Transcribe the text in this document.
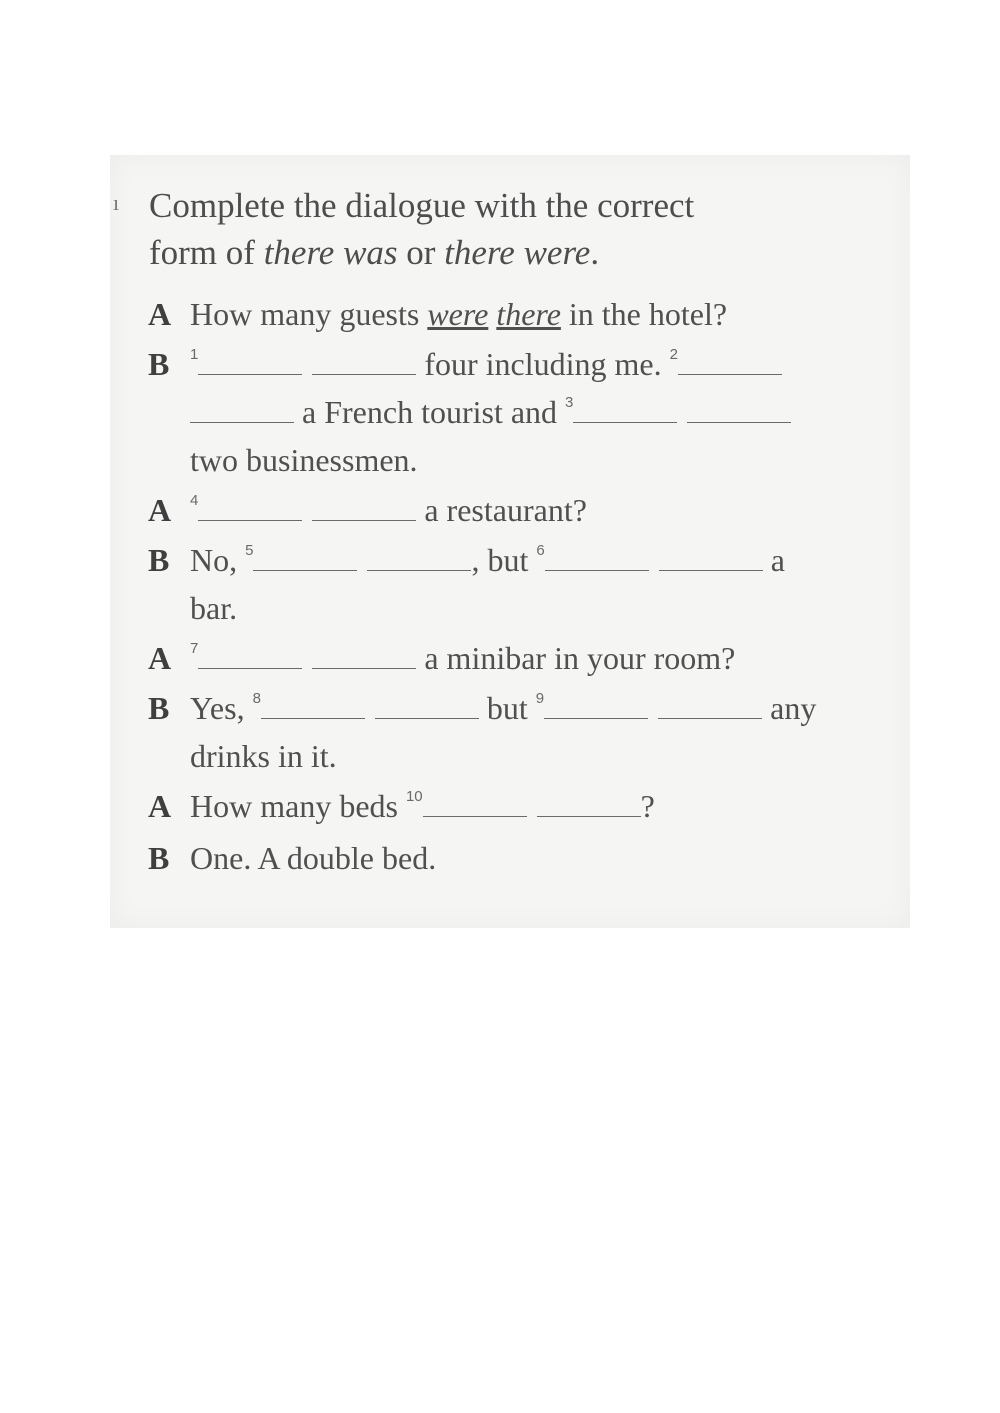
ı Complete the dialogue with the correct
form of there was or there were.
A How many guests were there in the hotel?
B $^1$	four including me. $^2$
a French tourist and $^3$
two businessmen.
A $^4$	a restaurant?
B No, $^5$	, but $^6$	a
bar.
A $^7$	a minibar in your room?
B Yes, $^8$	but $^9$	any
drinks in it.
A How many beds $^{10}$	?
B One. A double bed.
